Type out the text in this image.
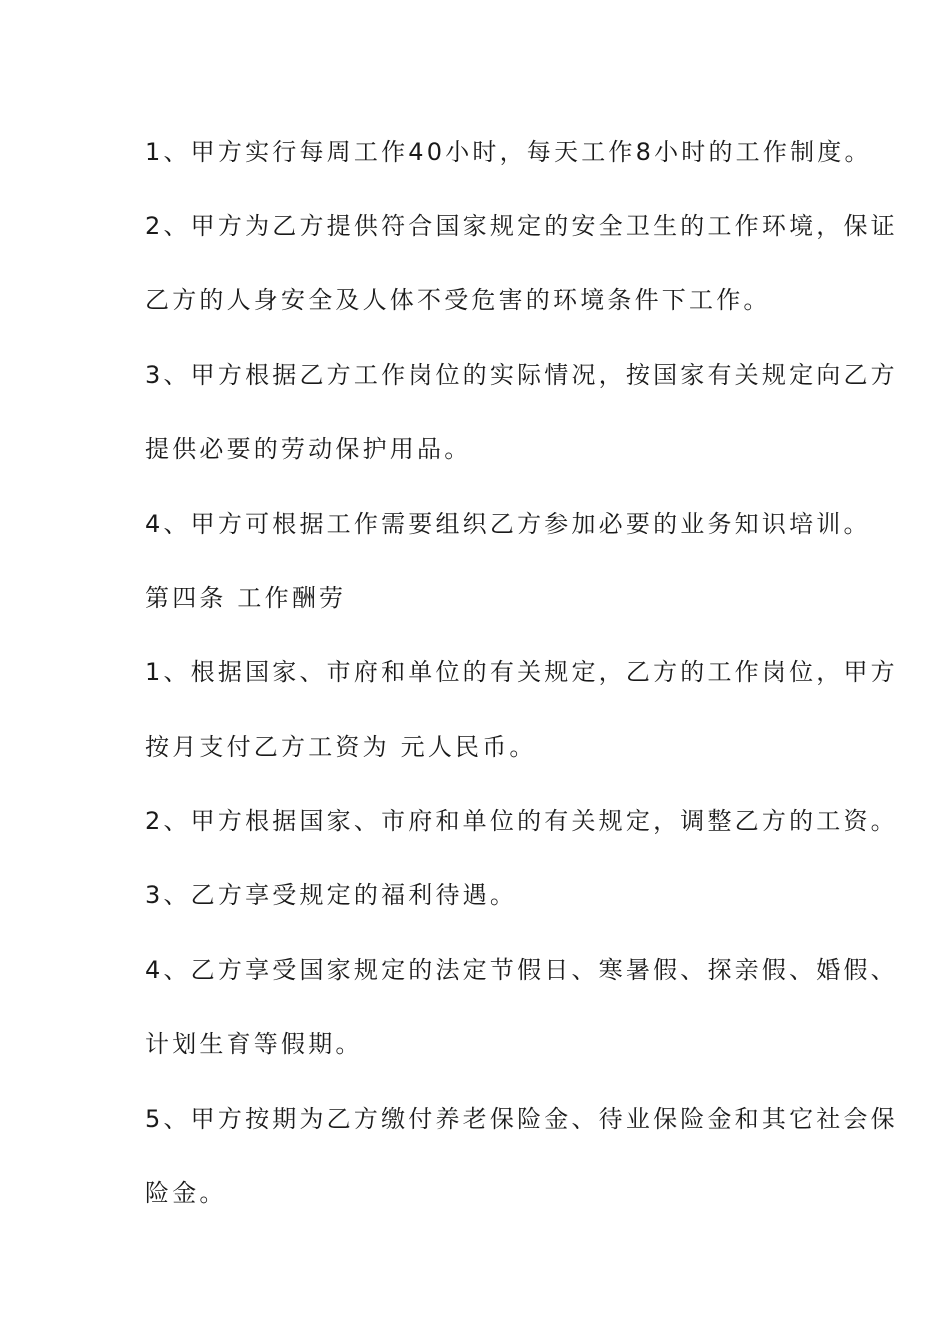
1、甲方实行每周工作40小时，每天工作8小时的工作制度。
2、甲方为乙方提供符合国家规定的安全卫生的工作环境，保证
乙方的人身安全及人体不受危害的环境条件下工作。
3、甲方根据乙方工作岗位的实际情况，按国家有关规定向乙方
提供必要的劳动保护用品。
4、甲方可根据工作需要组织乙方参加必要的业务知识培训。
第四条 工作酬劳
1、根据国家、市府和单位的有关规定，乙方的工作岗位，甲方
按月支付乙方工资为 元人民币。
2、甲方根据国家、市府和单位的有关规定，调整乙方的工资。
3、乙方享受规定的福利待遇。
4、乙方享受国家规定的法定节假日、寒暑假、探亲假、婚假、
计划生育等假期。
5、甲方按期为乙方缴付养老保险金、待业保险金和其它社会保
险金。
